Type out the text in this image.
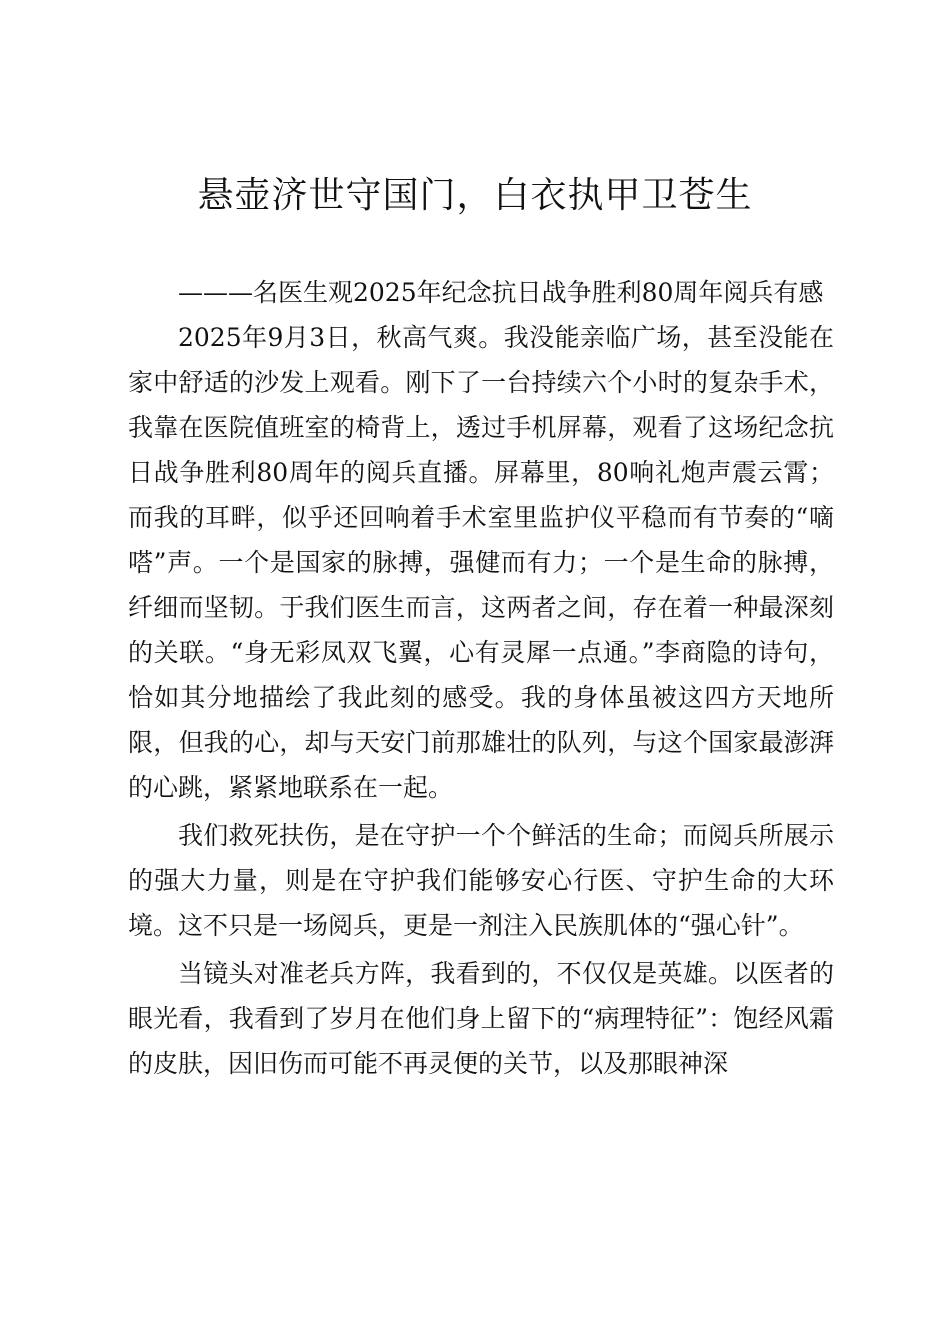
悬壶济世守国门，白衣执甲卫苍生

———名医生观2025年纪念抗日战争胜利80周年阅兵有感

2025年9月3日，秋高气爽。我没能亲临广场，甚至没能在家中舒适的沙发上观看。刚下了一台持续六个小时的复杂手术，我靠在医院值班室的椅背上，透过手机屏幕，观看了这场纪念抗日战争胜利80周年的阅兵直播。屏幕里，80响礼炮声震云霄；而我的耳畔，似乎还回响着手术室里监护仪平稳而有节奏的“嘀嗒”声。一个是国家的脉搏，强健而有力；一个是生命的脉搏，纤细而坚韧。于我们医生而言，这两者之间，存在着一种最深刻的关联。“身无彩凤双飞翼，心有灵犀一点通。”李商隐的诗句，恰如其分地描绘了我此刻的感受。我的身体虽被这四方天地所限，但我的心，却与天安门前那雄壮的队列，与这个国家最澎湃的心跳，紧紧地联系在一起。

我们救死扶伤，是在守护一个个鲜活的生命；而阅兵所展示的强大力量，则是在守护我们能够安心行医、守护生命的大环境。这不只是一场阅兵，更是一剂注入民族肌体的“强心针”。

当镜头对准老兵方阵，我看到的，不仅仅是英雄。以医者的眼光看，我看到了岁月在他们身上留下的“病理特征”：饱经风霜的皮肤，因旧伤而可能不再灵便的关节，以及那眼神深
